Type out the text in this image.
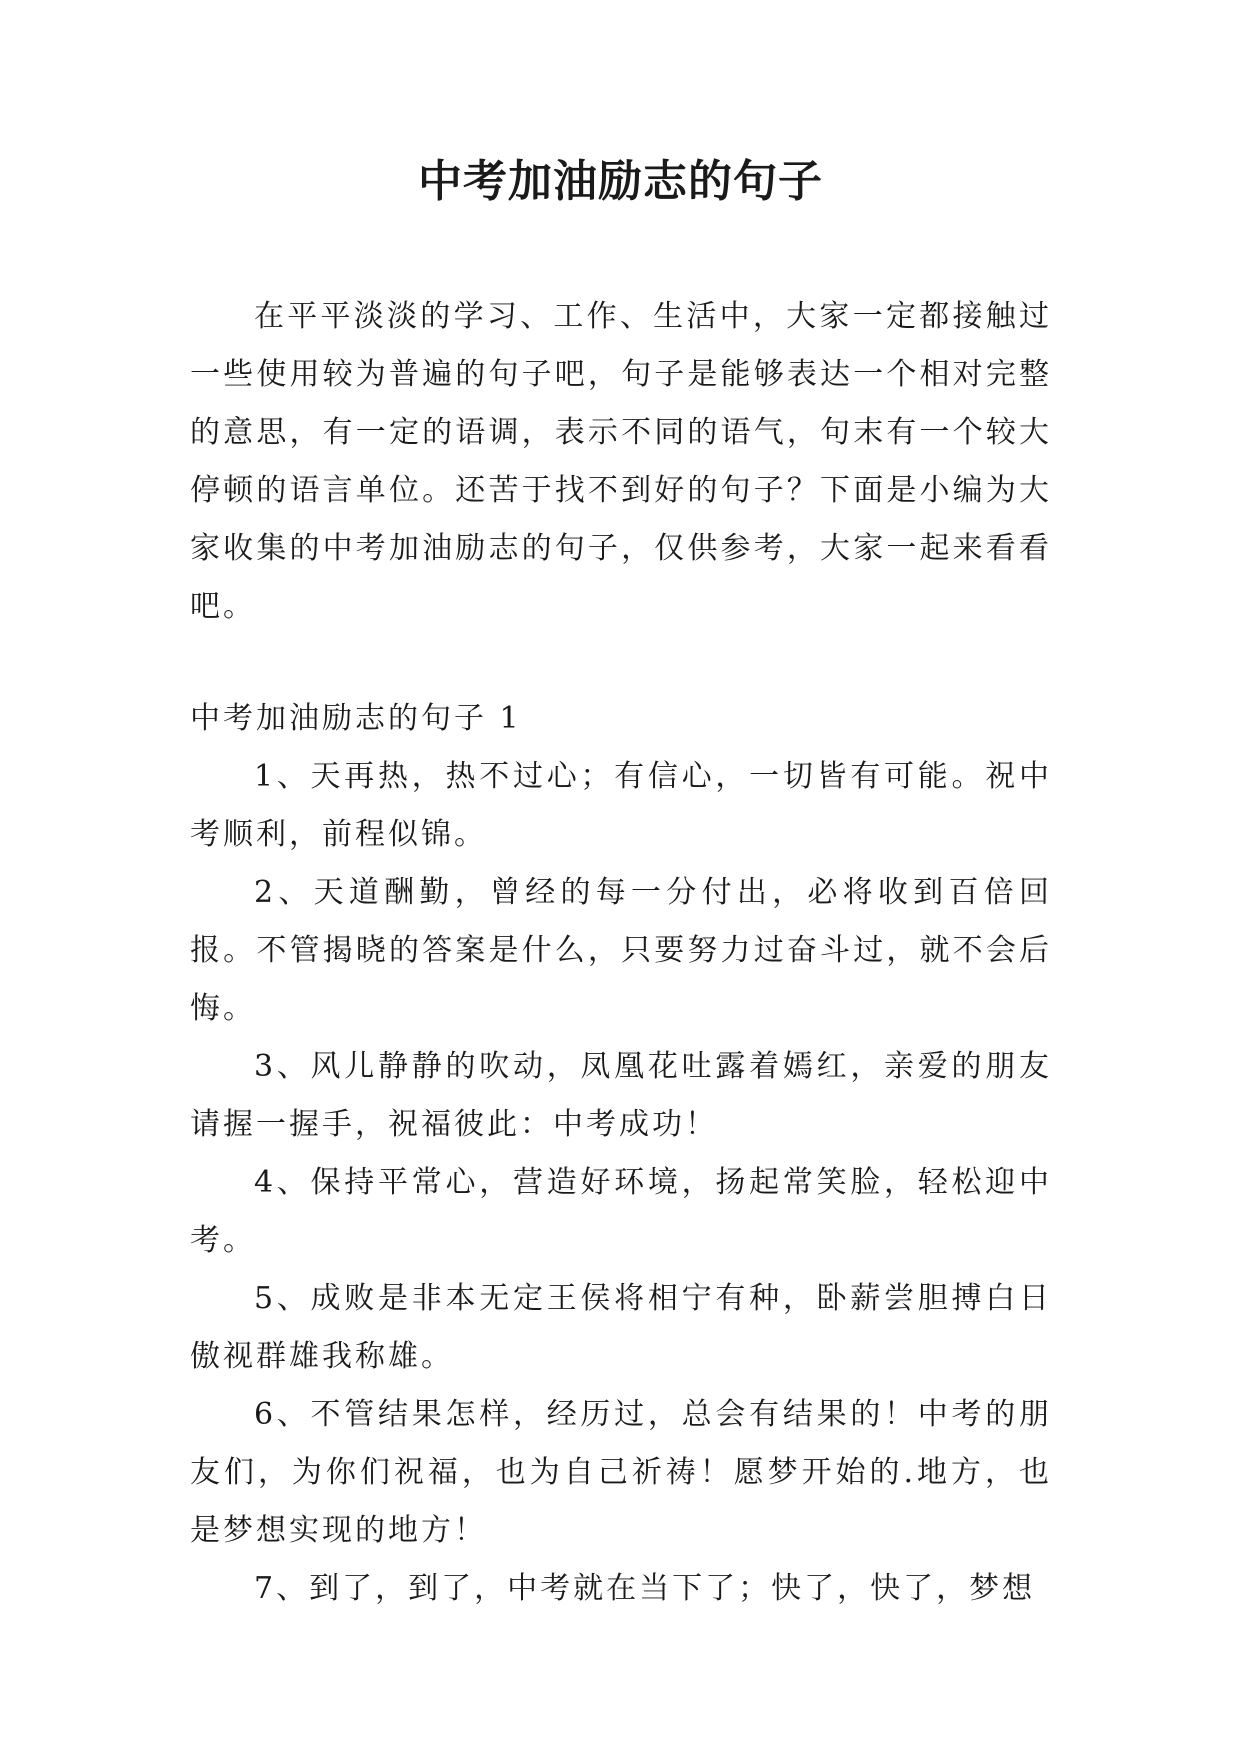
中考加油励志的句子

在平平淡淡的学习、工作、生活中，大家一定都接触过一些使用较为普遍的句子吧，句子是能够表达一个相对完整的意思，有一定的语调，表示不同的语气，句末有一个较大停顿的语言单位。还苦于找不到好的句子？下面是小编为大家收集的中考加油励志的句子，仅供参考，大家一起来看看吧。

中考加油励志的句子 1

1、天再热，热不过心；有信心，一切皆有可能。祝中考顺利，前程似锦。

2、天道酬勤，曾经的每一分付出，必将收到百倍回报。不管揭晓的答案是什么，只要努力过奋斗过，就不会后悔。

3、风儿静静的吹动，凤凰花吐露着嫣红，亲爱的朋友请握一握手，祝福彼此：中考成功！

4、保持平常心，营造好环境，扬起常笑脸，轻松迎中考。

5、成败是非本无定王侯将相宁有种，卧薪尝胆搏白日傲视群雄我称雄。

6、不管结果怎样，经历过，总会有结果的！中考的朋友们，为你们祝福，也为自己祈祷！愿梦开始的.地方，也是梦想实现的地方！

7、到了，到了，中考就在当下了；快了，快了，梦想
